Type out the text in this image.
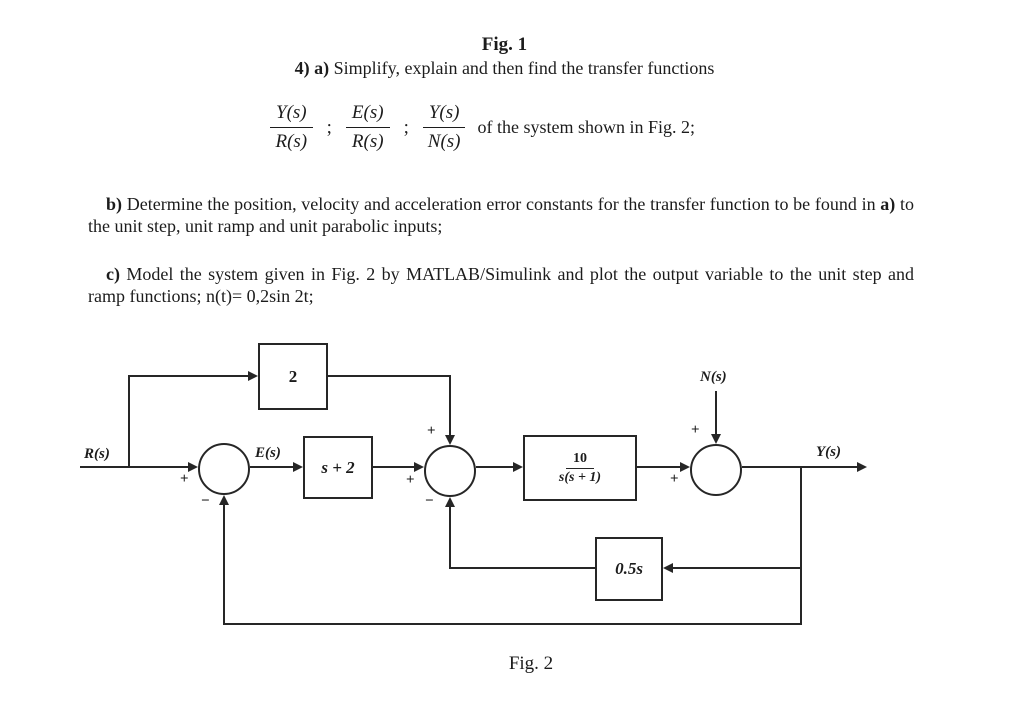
Fig. 1
4) a) Simplify, explain and then find the transfer functions
$\frac{Y(s)}{R(s)}$ ; $\frac{E(s)}{R(s)}$ ; $\frac{Y(s)}{N(s)}$ of the system shown in Fig. 2;
b) Determine the position, velocity and acceleration error constants for the transfer function to be found in a) to the unit step, unit ramp and unit parabolic inputs;
c) Model the system given in Fig. 2 by MATLAB/Simulink and plot the output variable to the unit step and ramp functions; n(t)= 0,2sin 2t;
2
s + 2	$\frac{10}{s(s + 1)}$
0.5s
R(s)	E(s)
N(s)
Y(s)
+
−
+
+
−
+
+
Fig. 2
